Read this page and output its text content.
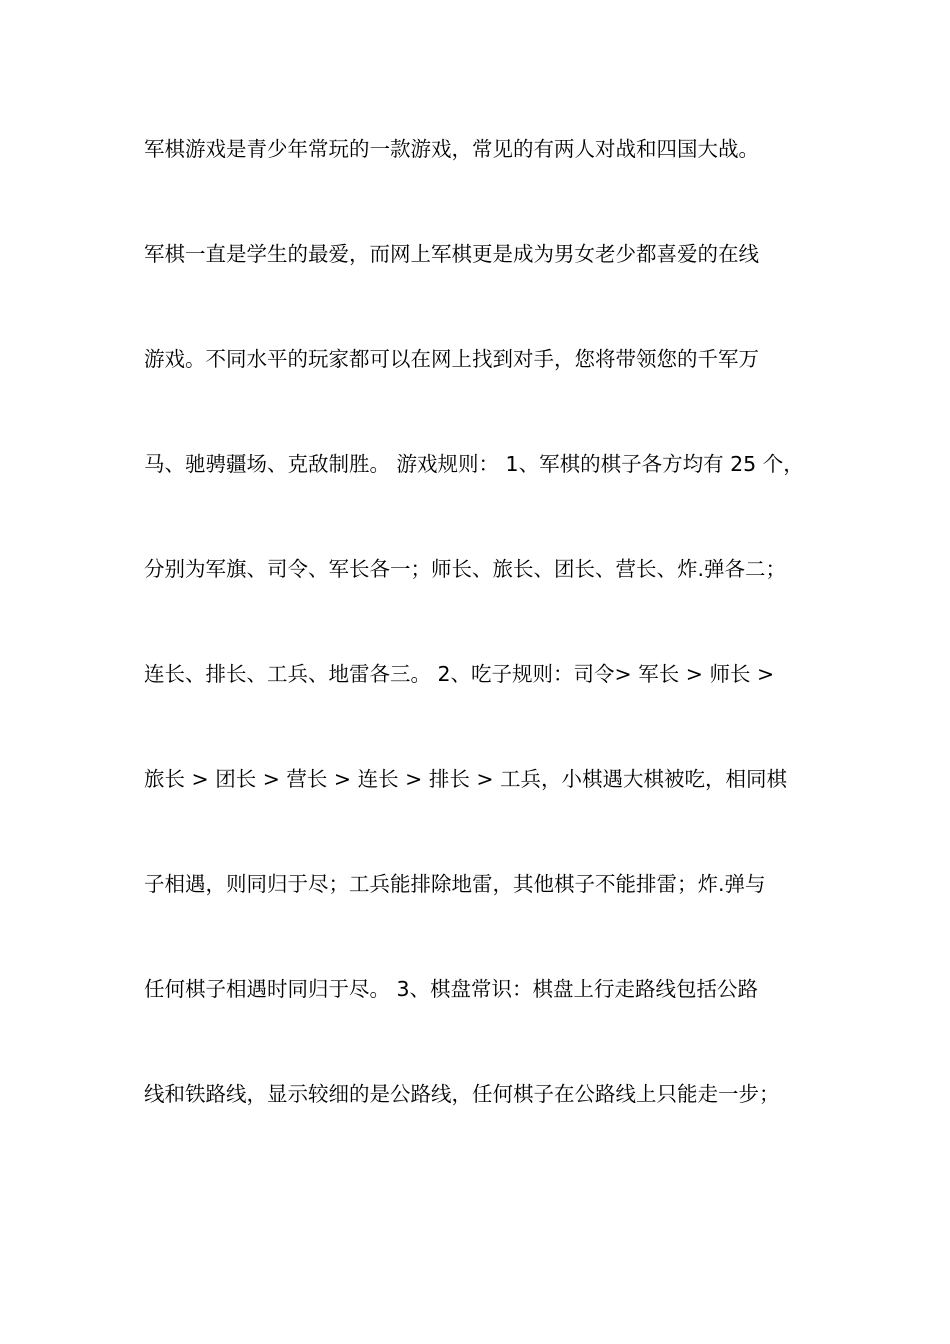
军棋游戏是青少年常玩的一款游戏，常见的有两人对战和四国大战。
军棋一直是学生的最爱，而网上军棋更是成为男女老少都喜爱的在线
游戏。不同水平的玩家都可以在网上找到对手，您将带领您的千军万
马、驰骋疆场、克敌制胜。 游戏规则： 1、军棋的棋子各方均有 25 个，
分别为军旗、司令、军长各一；师长、旅长、团长、营长、炸.弹各二；
连长、排长、工兵、地雷各三。 2、吃子规则：司令> 军长 > 师长 >
旅长 > 团长 > 营长 > 连长 > 排长 > 工兵，小棋遇大棋被吃，相同棋
子相遇，则同归于尽；工兵能排除地雷，其他棋子不能排雷；炸.弹与
任何棋子相遇时同归于尽。 3、棋盘常识：棋盘上行走路线包括公路
线和铁路线，显示较细的是公路线，任何棋子在公路线上只能走一步；
